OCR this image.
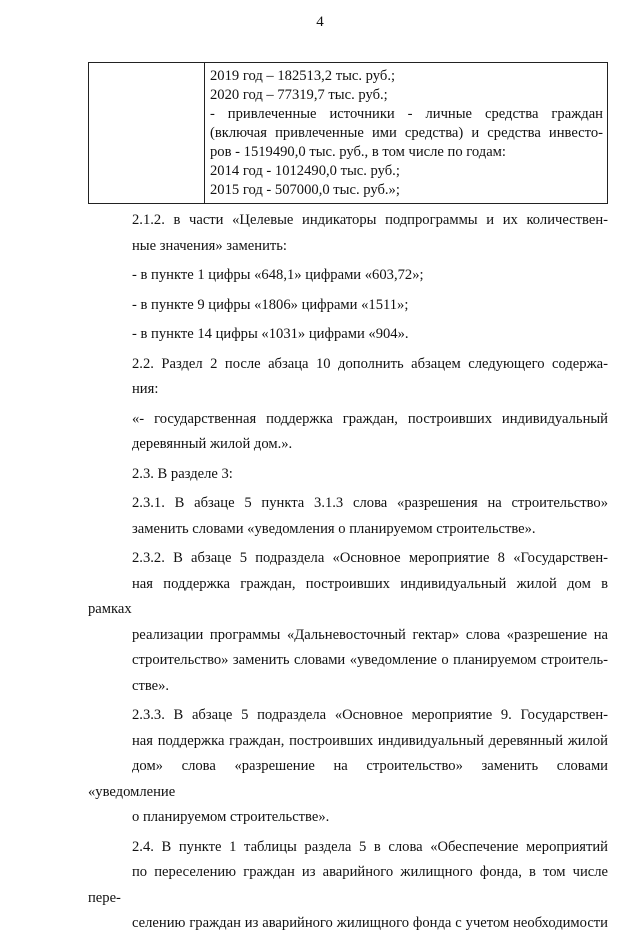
4

2019 год – 182513,2 тыс. руб.;
2020 год – 77319,7 тыс. руб.;
- привлеченные источники - личные средства граждан
(включая привлеченные ими средства) и средства инвесто-
ров - 1519490,0 тыс. руб., в том числе по годам:
2014 год - 1012490,0 тыс. руб.;
2015 год - 507000,0 тыс. руб.»;

2.1.2. в части «Целевые индикаторы подпрограммы и их количествен-
ные значения» заменить:

- в пункте 1 цифры «648,1» цифрами «603,72»;

- в пункте 9 цифры «1806» цифрами «1511»;

- в пункте 14 цифры «1031» цифрами «904».

2.2. Раздел 2 после абзаца 10 дополнить абзацем следующего содержа-
ния:

«- государственная поддержка граждан, построивших индивидуальный
деревянный жилой дом.».

2.3. В разделе 3:

2.3.1. В абзаце 5 пункта 3.1.3 слова «разрешения на строительство»
заменить словами «уведомления о планируемом строительстве».

2.3.2. В абзаце 5 подраздела «Основное мероприятие 8 «Государствен-
ная поддержка граждан, построивших индивидуальный жилой дом в рамках
реализации программы «Дальневосточный гектар» слова «разрешение на
строительство» заменить словами «уведомление о планируемом строитель-
стве».

2.3.3. В абзаце 5 подраздела «Основное мероприятие 9. Государствен-
ная поддержка граждан, построивших индивидуальный деревянный жилой
дом» слова «разрешение на строительство» заменить словами «уведомление
о планируемом строительстве».

2.4. В пункте 1 таблицы раздела 5 в слова «Обеспечение мероприятий
по переселению граждан из аварийного жилищного фонда, в том числе пере-
селению граждан из аварийного жилищного фонда с учетом необходимости
